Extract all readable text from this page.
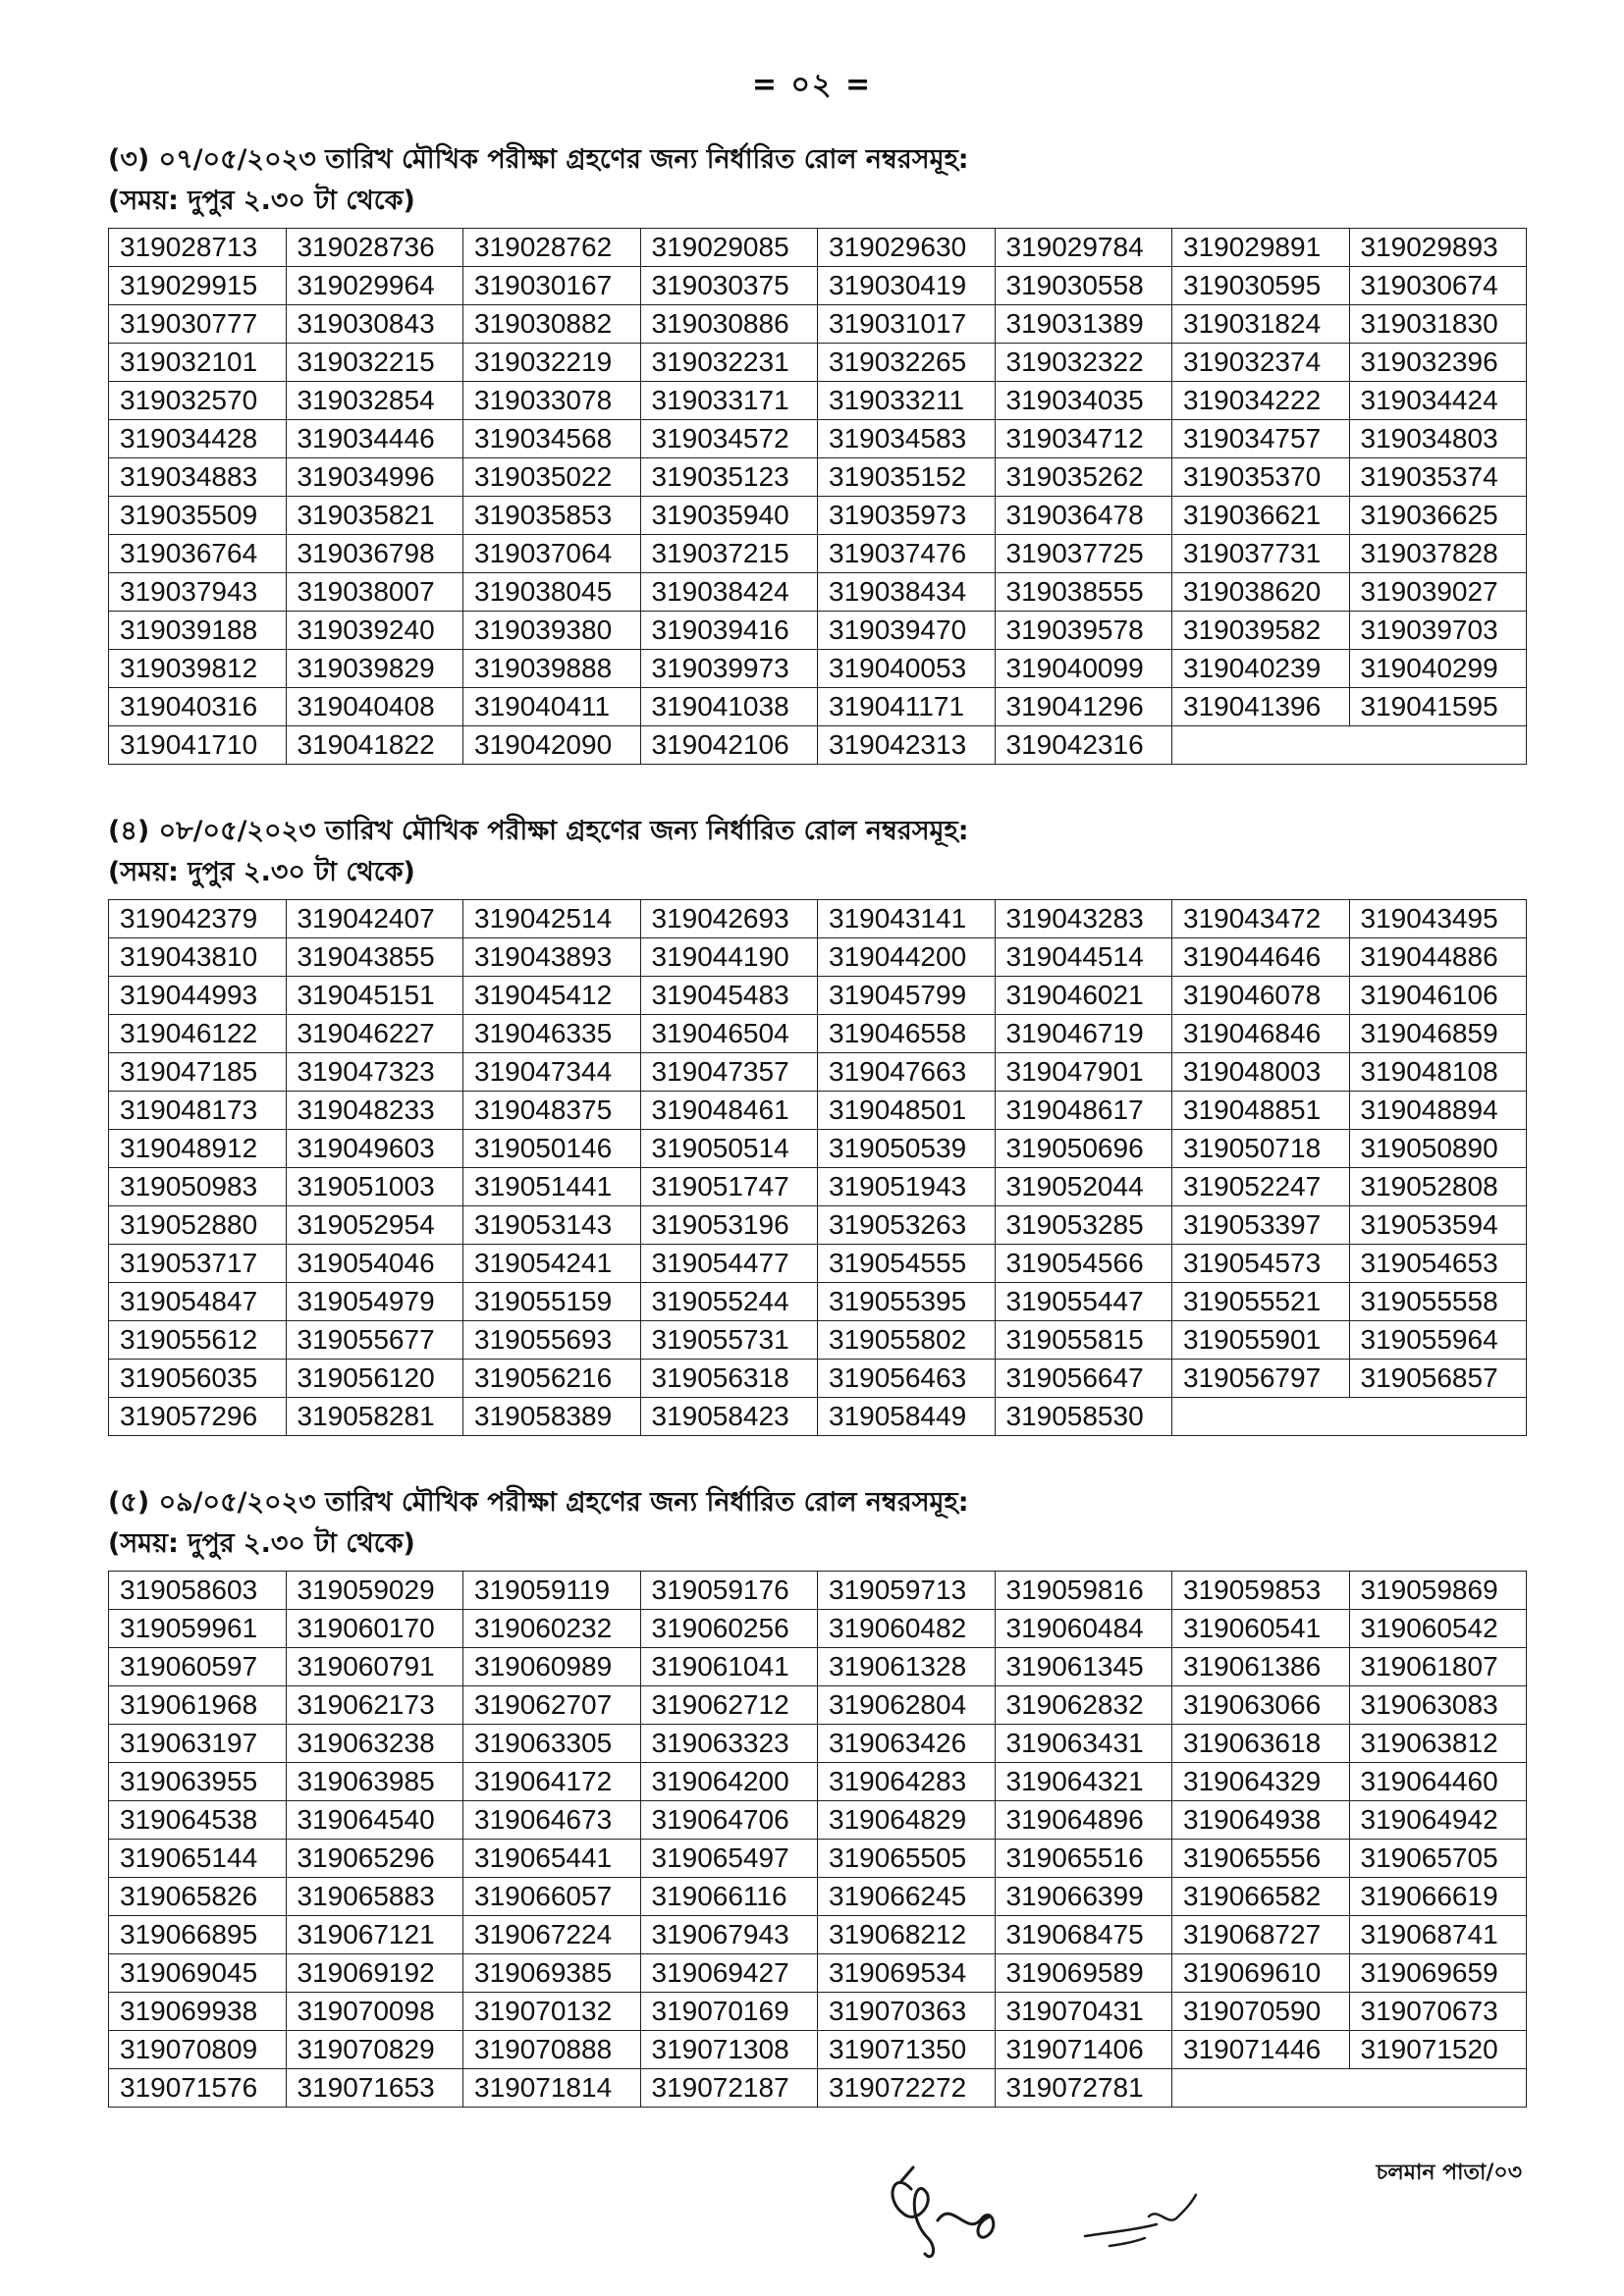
= ০২ =
(৩) ০৭/০৫/২০২৩ তারিখ মৌখিক পরীক্ষা গ্রহণের জন্য নির্ধারিত রোল নম্বরসমূহ:
(সময়: দুপুর ২.৩০ টা থেকে)
319028713	319028736	319028762	319029085	319029630	319029784	319029891	319029893
319029915	319029964	319030167	319030375	319030419	319030558	319030595	319030674
319030777	319030843	319030882	319030886	319031017	319031389	319031824	319031830
319032101	319032215	319032219	319032231	319032265	319032322	319032374	319032396
319032570	319032854	319033078	319033171	319033211	319034035	319034222	319034424
319034428	319034446	319034568	319034572	319034583	319034712	319034757	319034803
319034883	319034996	319035022	319035123	319035152	319035262	319035370	319035374
319035509	319035821	319035853	319035940	319035973	319036478	319036621	319036625
319036764	319036798	319037064	319037215	319037476	319037725	319037731	319037828
319037943	319038007	319038045	319038424	319038434	319038555	319038620	319039027
319039188	319039240	319039380	319039416	319039470	319039578	319039582	319039703
319039812	319039829	319039888	319039973	319040053	319040099	319040239	319040299
319040316	319040408	319040411	319041038	319041171	319041296	319041396	319041595
319041710	319041822	319042090	319042106	319042313	319042316		
(৪) ০৮/০৫/২০২৩ তারিখ মৌখিক পরীক্ষা গ্রহণের জন্য নির্ধারিত রোল নম্বরসমূহ:
(সময়: দুপুর ২.৩০ টা থেকে)
319042379	319042407	319042514	319042693	319043141	319043283	319043472	319043495
319043810	319043855	319043893	319044190	319044200	319044514	319044646	319044886
319044993	319045151	319045412	319045483	319045799	319046021	319046078	319046106
319046122	319046227	319046335	319046504	319046558	319046719	319046846	319046859
319047185	319047323	319047344	319047357	319047663	319047901	319048003	319048108
319048173	319048233	319048375	319048461	319048501	319048617	319048851	319048894
319048912	319049603	319050146	319050514	319050539	319050696	319050718	319050890
319050983	319051003	319051441	319051747	319051943	319052044	319052247	319052808
319052880	319052954	319053143	319053196	319053263	319053285	319053397	319053594
319053717	319054046	319054241	319054477	319054555	319054566	319054573	319054653
319054847	319054979	319055159	319055244	319055395	319055447	319055521	319055558
319055612	319055677	319055693	319055731	319055802	319055815	319055901	319055964
319056035	319056120	319056216	319056318	319056463	319056647	319056797	319056857
319057296	319058281	319058389	319058423	319058449	319058530		
(৫) ০৯/০৫/২০২৩ তারিখ মৌখিক পরীক্ষা গ্রহণের জন্য নির্ধারিত রোল নম্বরসমূহ:
(সময়: দুপুর ২.৩০ টা থেকে)
319058603	319059029	319059119	319059176	319059713	319059816	319059853	319059869
319059961	319060170	319060232	319060256	319060482	319060484	319060541	319060542
319060597	319060791	319060989	319061041	319061328	319061345	319061386	319061807
319061968	319062173	319062707	319062712	319062804	319062832	319063066	319063083
319063197	319063238	319063305	319063323	319063426	319063431	319063618	319063812
319063955	319063985	319064172	319064200	319064283	319064321	319064329	319064460
319064538	319064540	319064673	319064706	319064829	319064896	319064938	319064942
319065144	319065296	319065441	319065497	319065505	319065516	319065556	319065705
319065826	319065883	319066057	319066116	319066245	319066399	319066582	319066619
319066895	319067121	319067224	319067943	319068212	319068475	319068727	319068741
319069045	319069192	319069385	319069427	319069534	319069589	319069610	319069659
319069938	319070098	319070132	319070169	319070363	319070431	319070590	319070673
319070809	319070829	319070888	319071308	319071350	319071406	319071446	319071520
319071576	319071653	319071814	319072187	319072272	319072781		
চলমান পাতা/০৩
